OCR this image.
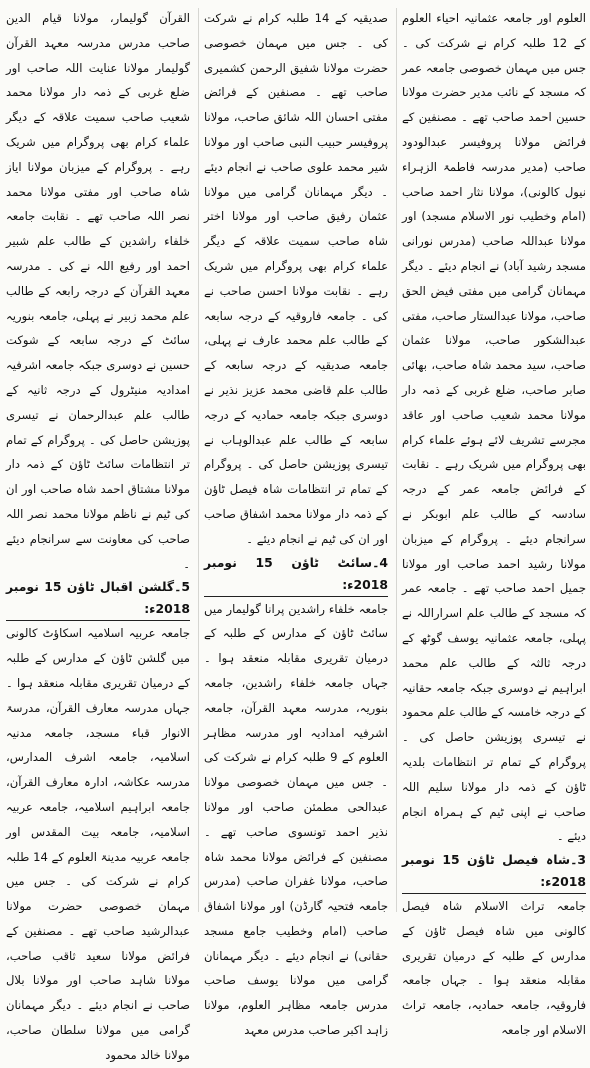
العلوم اور جامعہ عثمانیہ احیاء العلوم کے 12 طلبہ کرام نے شرکت کی ۔ جس میں مہمان خصوصی جامعہ عمر کہ مسجد کے نائب مدیر حضرت مولانا حسین احمد صاحب تھے ۔ مصنفین کے فرائض مولانا پروفیسر عبدالودود صاحب (مدیر مدرسہ فاطمۃ الزہراء نیول کالونی)، مولانا نثار احمد صاحب (امام وخطیب نور الاسلام مسجد) اور مولانا عبداللہ صاحب (مدرس نورانی مسجد رشید آباد) نے انجام دیئے ۔ دیگر مہمانان گرامی میں مفتی فیض الحق صاحب، مولانا عبدالستار صاحب، مفتی عبدالشکور صاحب، مولانا عثمان صاحب، سید محمد شاہ صاحب، بھائی صابر صاحب، ضلع غربی کے ذمہ دار مولانا محمد شعیب صاحب اور عاقد مجرسے تشریف لائے ہوئے علماء کرام بھی پروگرام میں شریک رہے ۔ نقابت کے فرائض جامعہ عمر کے درجہ سادسہ کے طالب علم ابوبکر نے سرانجام دیئے ۔ پروگرام کے میزبان مولانا رشید احمد صاحب اور مولانا جمیل احمد صاحب تھے ۔ جامعہ عمر کہ مسجد کے طالب علم اسراراللہ نے پہلی، جامعہ عثمانیہ یوسف گوٹھ کے درجہ ثالثہ کے طالب علم محمد ابراہیم نے دوسری جبکہ جامعہ حقانیہ کے درجہ خامسہ کے طالب علم محمود نے تیسری پوزیشن حاصل کی ۔ پروگرام کے تمام تر انتظامات بلدیہ ٹاؤن کے ذمہ دار مولانا سلیم اللہ صاحب نے اپنی ٹیم کے ہمراہ انجام دیئے ۔

3۔شاہ فیصل ٹاؤن 15 نومبر 2018ء:

جامعہ تراث الاسلام شاہ فیصل کالونی میں شاہ فیصل ٹاؤن کے مدارس کے طلبہ کے درمیان تقریری مقابلہ منعقد ہوا ۔ جہاں جامعہ فاروقیہ، جامعہ حمادیہ، جامعہ تراث الاسلام اور جامعہ

صدیقیہ کے 14 طلبہ کرام نے شرکت کی ۔ جس میں مہمان خصوصی حضرت مولانا شفیق الرحمن کشمیری صاحب تھے ۔ مصنفین کے فرائض مفتی احسان اللہ شائق صاحب، مولانا پروفیسر حبیب النبی صاحب اور مولانا شیر محمد علوی صاحب نے انجام دیئے ۔ دیگر مہمانان گرامی میں مولانا عثمان رفیق صاحب اور مولانا اختر شاہ صاحب سمیت علاقہ کے دیگر علماء کرام بھی پروگرام میں شریک رہے ۔ نقابت مولانا احسن صاحب نے کی ۔ جامعہ فاروقیہ کے درجہ سابعہ کے طالب علم محمد عارف نے پہلی، جامعہ صدیقیہ کے درجہ سابعہ کے طالب علم قاضی محمد عزیز نذیر نے دوسری جبکہ جامعہ حمادیہ کے درجہ سابعہ کے طالب علم عبدالوہاب نے تیسری پوزیشن حاصل کی ۔ پروگرام کے تمام تر انتظامات شاہ فیصل ٹاؤن کے ذمہ دار مولانا محمد اشفاق صاحب اور ان کی ٹیم نے انجام دیئے ۔

4۔سائٹ ٹاؤن 15 نومبر 2018ء:

جامعہ خلفاء راشدین پرانا گولیمار میں سائٹ ٹاؤن کے مدارس کے طلبہ کے درمیان تقریری مقابلہ منعقد ہوا ۔ جہاں جامعہ خلفاء راشدین، جامعہ بنوریہ، مدرسہ معہد القرآن، جامعہ اشرفیہ امدادیہ اور مدرسہ مظاہر العلوم کے 9 طلبہ کرام نے شرکت کی ۔ جس میں مہمان خصوصی مولانا عبدالحی مطمئن صاحب اور مولانا نذیر احمد تونسوی صاحب تھے ۔ مصنفین کے فرائض مولانا محمد شاہ صاحب، مولانا غفران صاحب (مدرس جامعہ فتحیہ گارڈن) اور مولانا اشفاق صاحب (امام وخطیب جامع مسجد حقانی) نے انجام دیئے ۔ دیگر مہمانان گرامی میں مولانا یوسف صاحب مدرس جامعہ مظاہر العلوم، مولانا زاہد اکبر صاحب مدرس معہد

القرآن گولیمار، مولانا قیام الدین صاحب مدرس مدرسہ معہد القرآن گولیمار مولانا عنایت اللہ صاحب اور ضلع غربی کے ذمہ دار مولانا محمد شعیب صاحب سمیت علاقہ کے دیگر علماء کرام بھی پروگرام میں شریک رہے ۔ پروگرام کے میزبان مولانا ایاز شاہ صاحب اور مفتی مولانا محمد نصر اللہ صاحب تھے ۔ نقابت جامعہ خلفاء راشدین کے طالب علم شبیر احمد اور رفیع اللہ نے کی ۔ مدرسہ معہد القرآن کے درجہ رابعہ کے طالب علم محمد زبیر نے پہلی، جامعہ بنوریہ سائٹ کے درجہ سابعہ کے شوکت حسین نے دوسری جبکہ جامعہ اشرفیہ امدادیہ منیٹرول کے درجہ ثانیہ کے طالب علم عبدالرحمان نے تیسری پوزیشن حاصل کی ۔ پروگرام کے تمام تر انتظامات سائٹ ٹاؤن کے ذمہ دار مولانا مشتاق احمد شاہ صاحب اور ان کی ٹیم نے ناظم مولانا محمد نصر اللہ صاحب کی معاونت سے سرانجام دیئے ۔

5۔گلشن اقبال ٹاؤن 15 نومبر 2018ء:

جامعہ عربیہ اسلامیہ اسکاؤٹ کالونی میں گلشن ٹاؤن کے مدارس کے طلبہ کے درمیان تقریری مقابلہ منعقد ہوا ۔ جہاں مدرسہ معارف القرآن، مدرسۃ الانوار قباء مسجد، جامعہ مدنیہ اسلامیہ، جامعہ اشرف المدارس، مدرسہ عکاشہ، ادارہ معارف القرآن، جامعہ ابراہیم اسلامیہ، جامعہ عربیہ اسلامیہ، جامعہ بیت المقدس اور جامعہ عربیہ مدینۃ العلوم کے 14 طلبہ کرام نے شرکت کی ۔ جس میں مہمان خصوصی حضرت مولانا عبدالرشید صاحب تھے ۔ مصنفین کے فرائض مولانا سعید ثاقب صاحب، مولانا شاہد صاحب اور مولانا بلال صاحب نے انجام دیئے ۔ دیگر مہمانان گرامی میں مولانا سلطان صاحب، مولانا خالد محمود
